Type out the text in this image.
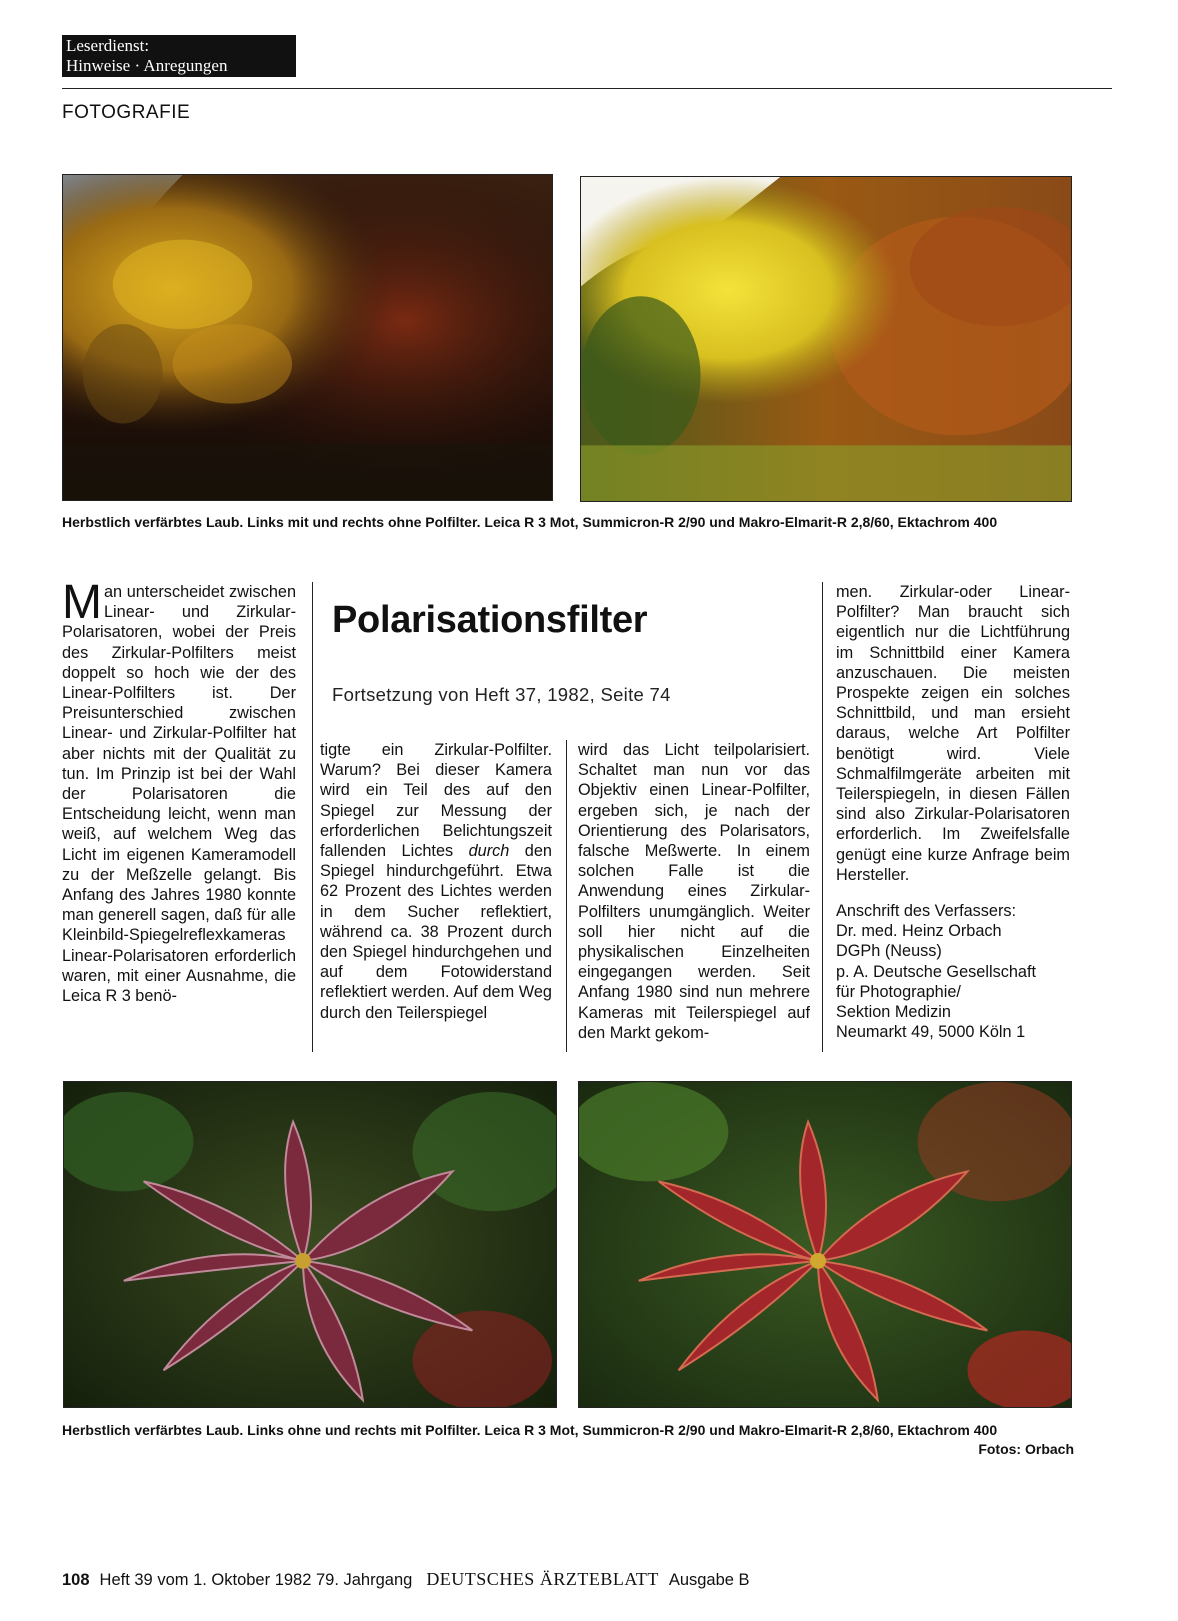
Leserdienst:
Hinweise · Anregungen
FOTOGRAFIE
Herbstlich verfärbtes Laub. Links mit und rechts ohne Polfilter. Leica R 3 Mot, Summicron-R 2/90 und Makro-Elmarit-R 2,8/60, Ektachrom 400

Man unterscheidet zwischen Linear- und Zirkular-Polarisatoren, wobei der Preis des Zirkular-Polfilters meist doppelt so hoch wie der des Linear-Polfilters ist. Der Preisunterschied zwischen Linear- und Zirkular-Polfilter hat aber nichts mit der Qualität zu tun. Im Prinzip ist bei der Wahl der Polarisatoren die Entscheidung leicht, wenn man weiß, auf welchem Weg das Licht im eigenen Kameramodell zu der Meßzelle gelangt. Bis Anfang des Jahres 1980 konnte man generell sagen, daß für alle Kleinbild-Spiegelreflexkameras Linear-Polarisatoren erforderlich waren, mit einer Ausnahme, die Leica R 3 benö-

Polarisationsfilter
Fortsetzung von Heft 37, 1982, Seite 74

tigte ein Zirkular-Polfilter. Warum? Bei dieser Kamera wird ein Teil des auf den Spiegel zur Messung der erforderlichen Belichtungszeit fallenden Lichtes durch den Spiegel hindurchgeführt. Etwa 62 Prozent des Lichtes werden in dem Sucher reflektiert, während ca. 38 Prozent durch den Spiegel hindurchgehen und auf dem Fotowiderstand reflektiert werden. Auf dem Weg durch den Teilerspiegel

wird das Licht teilpolarisiert. Schaltet man nun vor das Objektiv einen Linear-Polfilter, ergeben sich, je nach der Orientierung des Polarisators, falsche Meßwerte. In einem solchen Falle ist die Anwendung eines Zirkular-Polfilters unumgänglich. Weiter soll hier nicht auf die physikalischen Einzelheiten eingegangen werden. Seit Anfang 1980 sind nun mehrere Kameras mit Teilerspiegel auf den Markt gekom-

men. Zirkular-oder Linear-Polfilter? Man braucht sich eigentlich nur die Lichtführung im Schnittbild einer Kamera anzuschauen. Die meisten Prospekte zeigen ein solches Schnittbild, und man ersieht daraus, welche Art Polfilter benötigt wird. Viele Schmalfilmgeräte arbeiten mit Teilerspiegeln, in diesen Fällen sind also Zirkular-Polarisatoren erforderlich. Im Zweifelsfalle genügt eine kurze Anfrage beim Hersteller.

Anschrift des Verfassers:
Dr. med. Heinz Orbach
DGPh (Neuss)
p. A. Deutsche Gesellschaft
für Photographie/
Sektion Medizin
Neumarkt 49, 5000 Köln 1
Herbstlich verfärbtes Laub. Links ohne und rechts mit Polfilter. Leica R 3 Mot, Summicron-R 2/90 und Makro-Elmarit-R 2,8/60, Ektachrom 400
Fotos: Orbach
108 Heft 39 vom 1. Oktober 1982 79. Jahrgang DEUTSCHES ÄRZTEBLATT Ausgabe B
